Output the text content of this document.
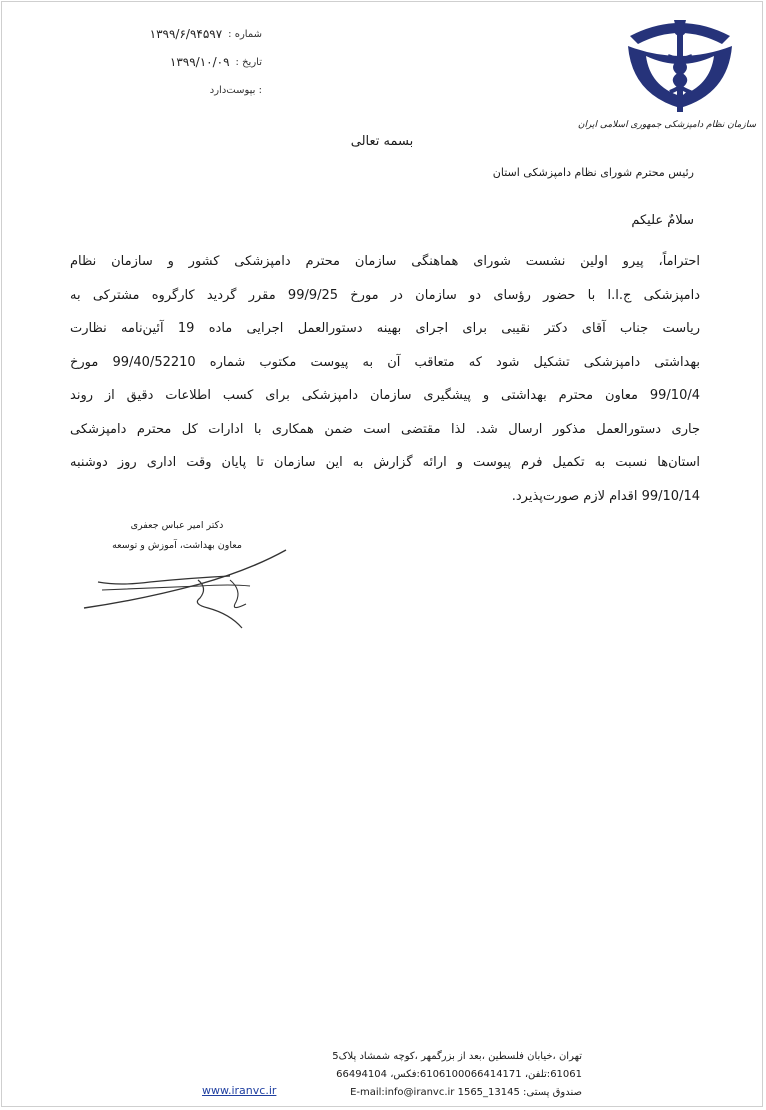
شماره :
۱۳۹۹/۶/۹۴۵۹۷
تاریخ :
۱۳۹۹/۱۰/۰۹
: بپوست‌دارد
سازمان نظام دامپزشکی جمهوری اسلامی ایران
بسمه تعالی
رئیس محترم شورای نظام دامپزشکی استان
سلامٌ علیکم
احتراماً، پیرو اولین نشست شورای هماهنگی سازمان محترم دامپزشکی کشور و سازمان نظام
دامپزشکی ج.ا.ا با حضور رؤسای دو سازمان در مورخ 99/9/25 مقرر گردید کارگروه مشترکی به
ریاست جناب آقای دکتر نقیبی برای اجرای بهینه دستورالعمل اجرایی ماده 19 آئین‌نامه نظارت
بهداشتی دامپزشکی تشکیل شود که متعاقب آن به پیوست مکتوب شماره 99/40/52210 مورخ
99/10/4 معاون محترم بهداشتی و پیشگیری سازمان دامپزشکی برای کسب اطلاعات دقیق از روند
جاری دستورالعمل مذکور ارسال شد. لذا مقتضی است ضمن همکاری با ادارات کل محترم دامپزشکی
استان‌ها نسبت به تکمیل فرم پیوست و ارائه گزارش به این سازمان تا پایان وقت اداری روز دوشنبه
99/10/14 اقدام لازم صورت‌پذیرد.
دکتر امیر عباس جعفری
معاون بهداشت، آموزش و توسعه
تهران ،خیابان فلسطین ،بعد از بزرگمهر ،کوچه شمشاد پلاک5
61061:تلفن، 6106100066414171:فکس، 66494104
صندوق پستی: 13145_1565 E-mail:info@iranvc.ir
www.iranvc.ir
